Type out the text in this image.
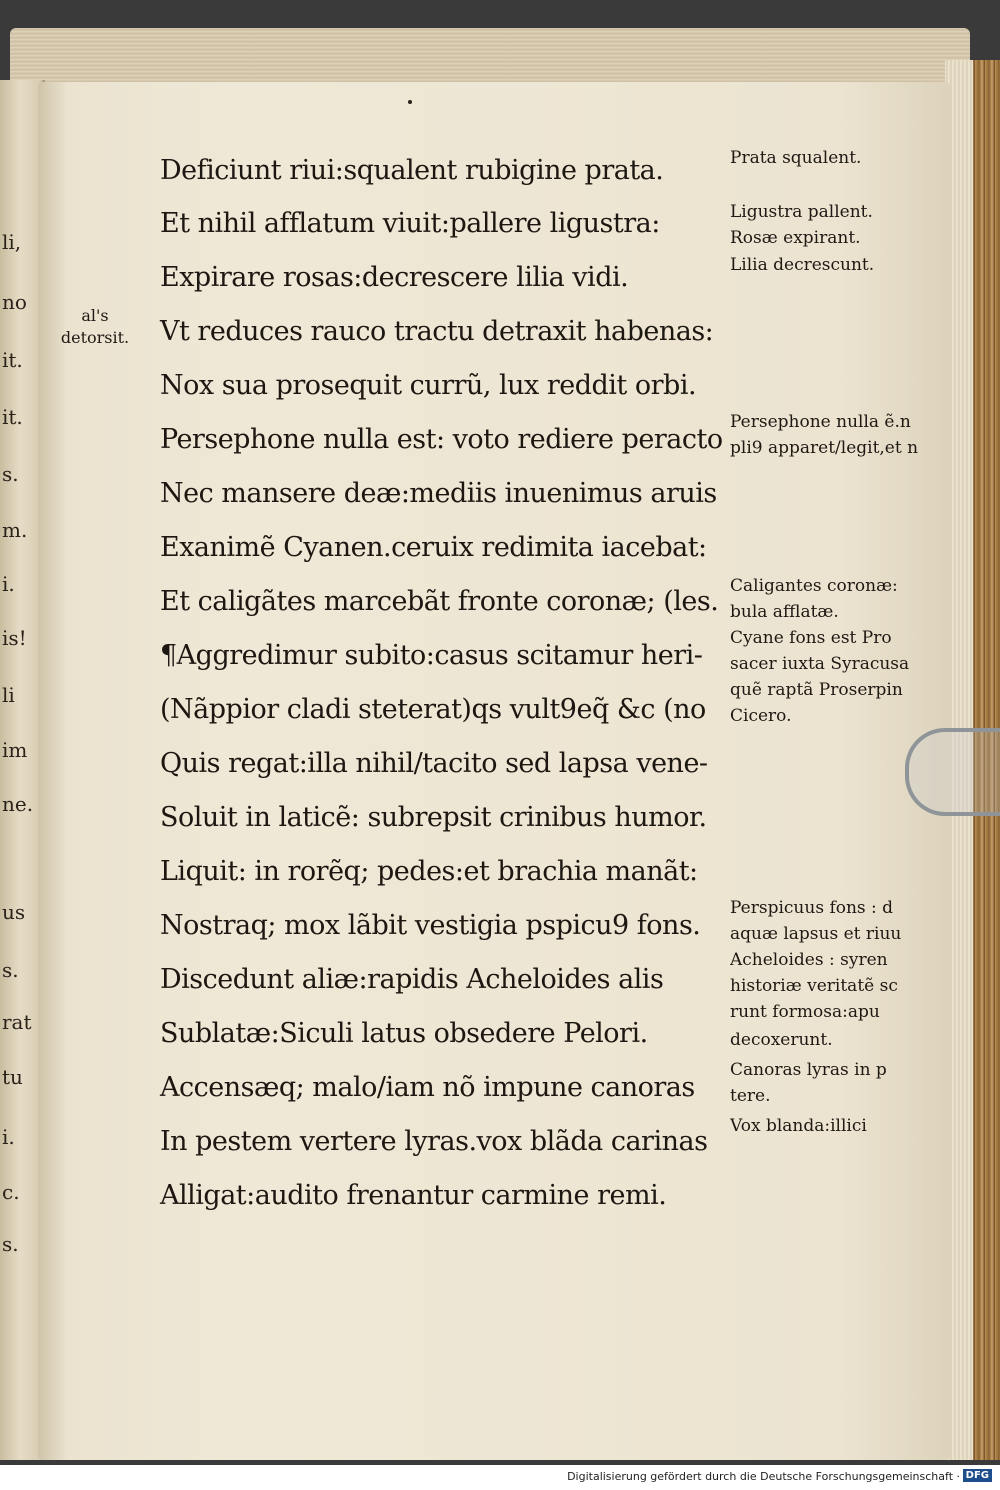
li,
no
it.
it.
s.
m.
i.
is!
li
im
ne.
us
s.
rat
tu
i.
c.
s.
al's
detorsit.
Deficiunt riui:squalent rubigine prata.
Et nihil afflatum viuit:pallere ligustra:
Expirare rosas:decrescere lilia vidi.
Vt reduces rauco tractu detraxit habenas:
Nox sua prosequit currũ, lux reddit orbi.
Persephone nulla est: voto rediere peracto
Nec mansere deæ:mediis inuenimus aruis
Exanimẽ Cyanen.ceruix redimita iacebat:
Et caligãtes marcebãt fronte coronæ; (les.
¶Aggredimur subito:casus scitamur heri-
(Nãppior cladi steterat)qs vult9eq̃ &c (no
Quis regat:illa nihil/tacito sed lapsa vene-
Soluit in laticẽ: subrepsit crinibus humor.
Liquit: in rorẽq; pedes:et brachia manãt:
Nostraq; mox lãbit vestigia pspicu9 fons.
Discedunt aliæ:rapidis Acheloides alis
Sublatæ:Siculi latus obsedere Pelori.
Accensæq; malo/iam nõ impune canoras
In pestem vertere lyras.vox blãda carinas
Alligat:audito frenantur carmine remi.
Prata squalent.
Ligustra pallent.
Rosæ expirant.
Lilia decrescunt.
Persephone nulla ẽ.n
pli9 apparet/legit,et n
Caligantes coronæ:
bula afflatæ.
Cyane fons est Pro
sacer iuxta Syracusa
quẽ raptã Proserpin
Cicero.
Perspicuus fons : d
aquæ lapsus et riuu
Acheloides : syren
historiæ veritatẽ sc
runt formosa:apu
decoxerunt.
Canoras lyras in p
tere.
Vox blanda:illici
Digitalisierung gefördert durch die Deutsche Forschungsgemeinschaft · DFG
